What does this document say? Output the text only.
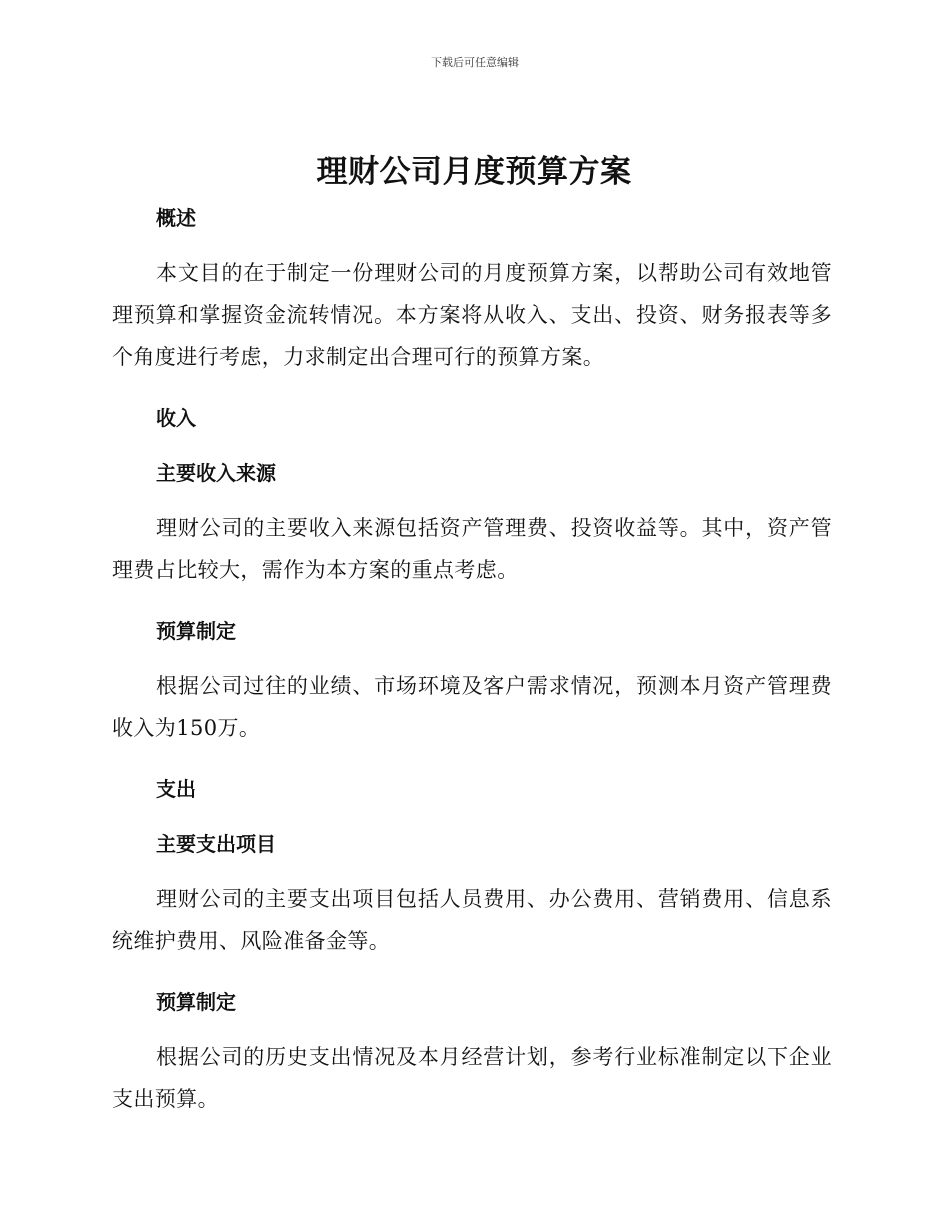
下载后可任意编辑
理财公司月度预算方案
概述

本文目的在于制定一份理财公司的月度预算方案，以帮助公司有效地管理预算和掌握资金流转情况。本方案将从收入、支出、投资、财务报表等多个角度进行考虑，力求制定出合理可行的预算方案。

收入
主要收入来源

理财公司的主要收入来源包括资产管理费、投资收益等。其中，资产管理费占比较大，需作为本方案的重点考虑。

预算制定

根据公司过往的业绩、市场环境及客户需求情况，预测本月资产管理费收入为150万。

支出
主要支出项目

理财公司的主要支出项目包括人员费用、办公费用、营销费用、信息系统维护费用、风险准备金等。

预算制定

根据公司的历史支出情况及本月经营计划，参考行业标准制定以下企业支出预算。
